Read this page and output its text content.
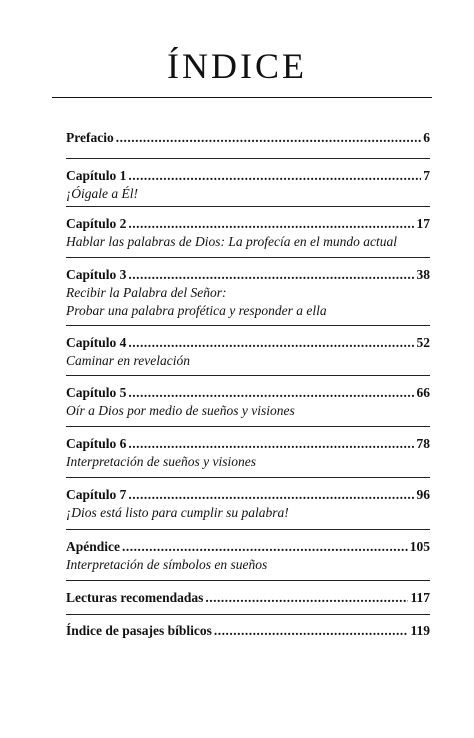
ÍNDICE
Prefacio .....	6
Capítulo 1 .....	7
¡Óigale a Él!
Capítulo 2 .....	17
Hablar las palabras de Dios: La profecía en el mundo actual
Capítulo 3 .....	38
Recibir la Palabra del Señor:
Probar una palabra profética y responder a ella
Capítulo 4 .....	52
Caminar en revelación
Capítulo 5 .....	66
Oír a Dios por medio de sueños y visiones
Capítulo 6 .....	78
Interpretación de sueños y visiones
Capítulo 7 .....	96
¡Dios está listo para cumplir su palabra!
Apéndice .....	105
Interpretación de símbolos en sueños
Lecturas recomendadas .....	117
Índice de pasajes bíblicos .....	119
